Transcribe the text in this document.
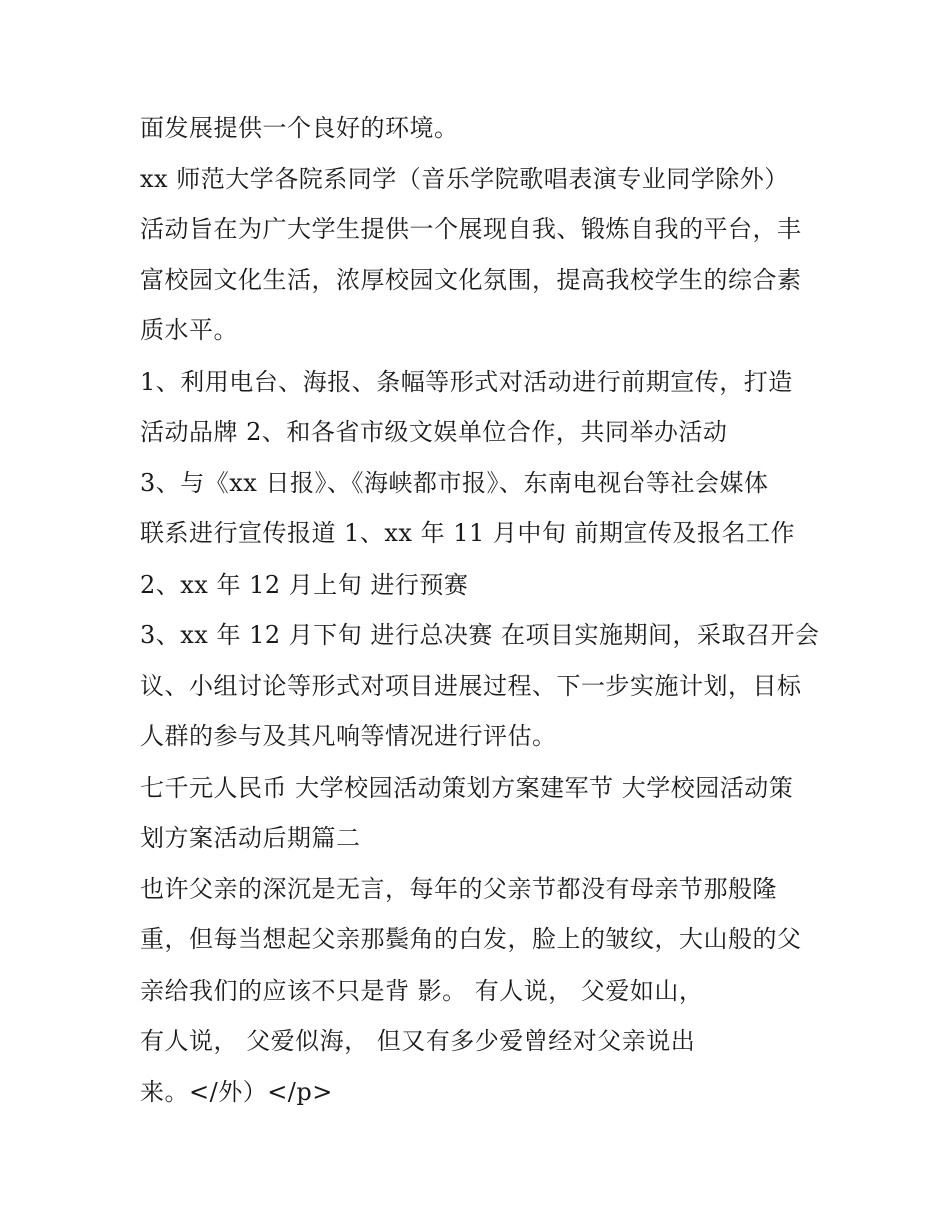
面发展提供一个良好的环境。
xx 师范大学各院系同学（音乐学院歌唱表演专业同学除外）
活动旨在为广大学生提供一个展现自我、锻炼自我的平台，丰
富校园文化生活，浓厚校园文化氛围，提高我校学生的综合素
质水平。
1、利用电台、海报、条幅等形式对活动进行前期宣传，打造
活动品牌 2、和各省市级文娱单位合作，共同举办活动
3、与《xx 日报》、《海峡都市报》、东南电视台等社会媒体
联系进行宣传报道 1、xx 年 11 月中旬 前期宣传及报名工作
2、xx 年 12 月上旬 进行预赛
3、xx 年 12 月下旬 进行总决赛 在项目实施期间，采取召开会
议、小组讨论等形式对项目进展过程、下一步实施计划，目标
人群的参与及其凡响等情况进行评估。
七千元人民币 大学校园活动策划方案建军节 大学校园活动策
划方案活动后期篇二
也许父亲的深沉是无言，每年的父亲节都没有母亲节那般隆
重，但每当想起父亲那鬓角的白发，脸上的皱纹，大山般的父
亲给我们的应该不只是背 影。 有人说， 父爱如山，
有人说， 父爱似海， 但又有多少爱曾经对父亲说出
来。</外）</p>
